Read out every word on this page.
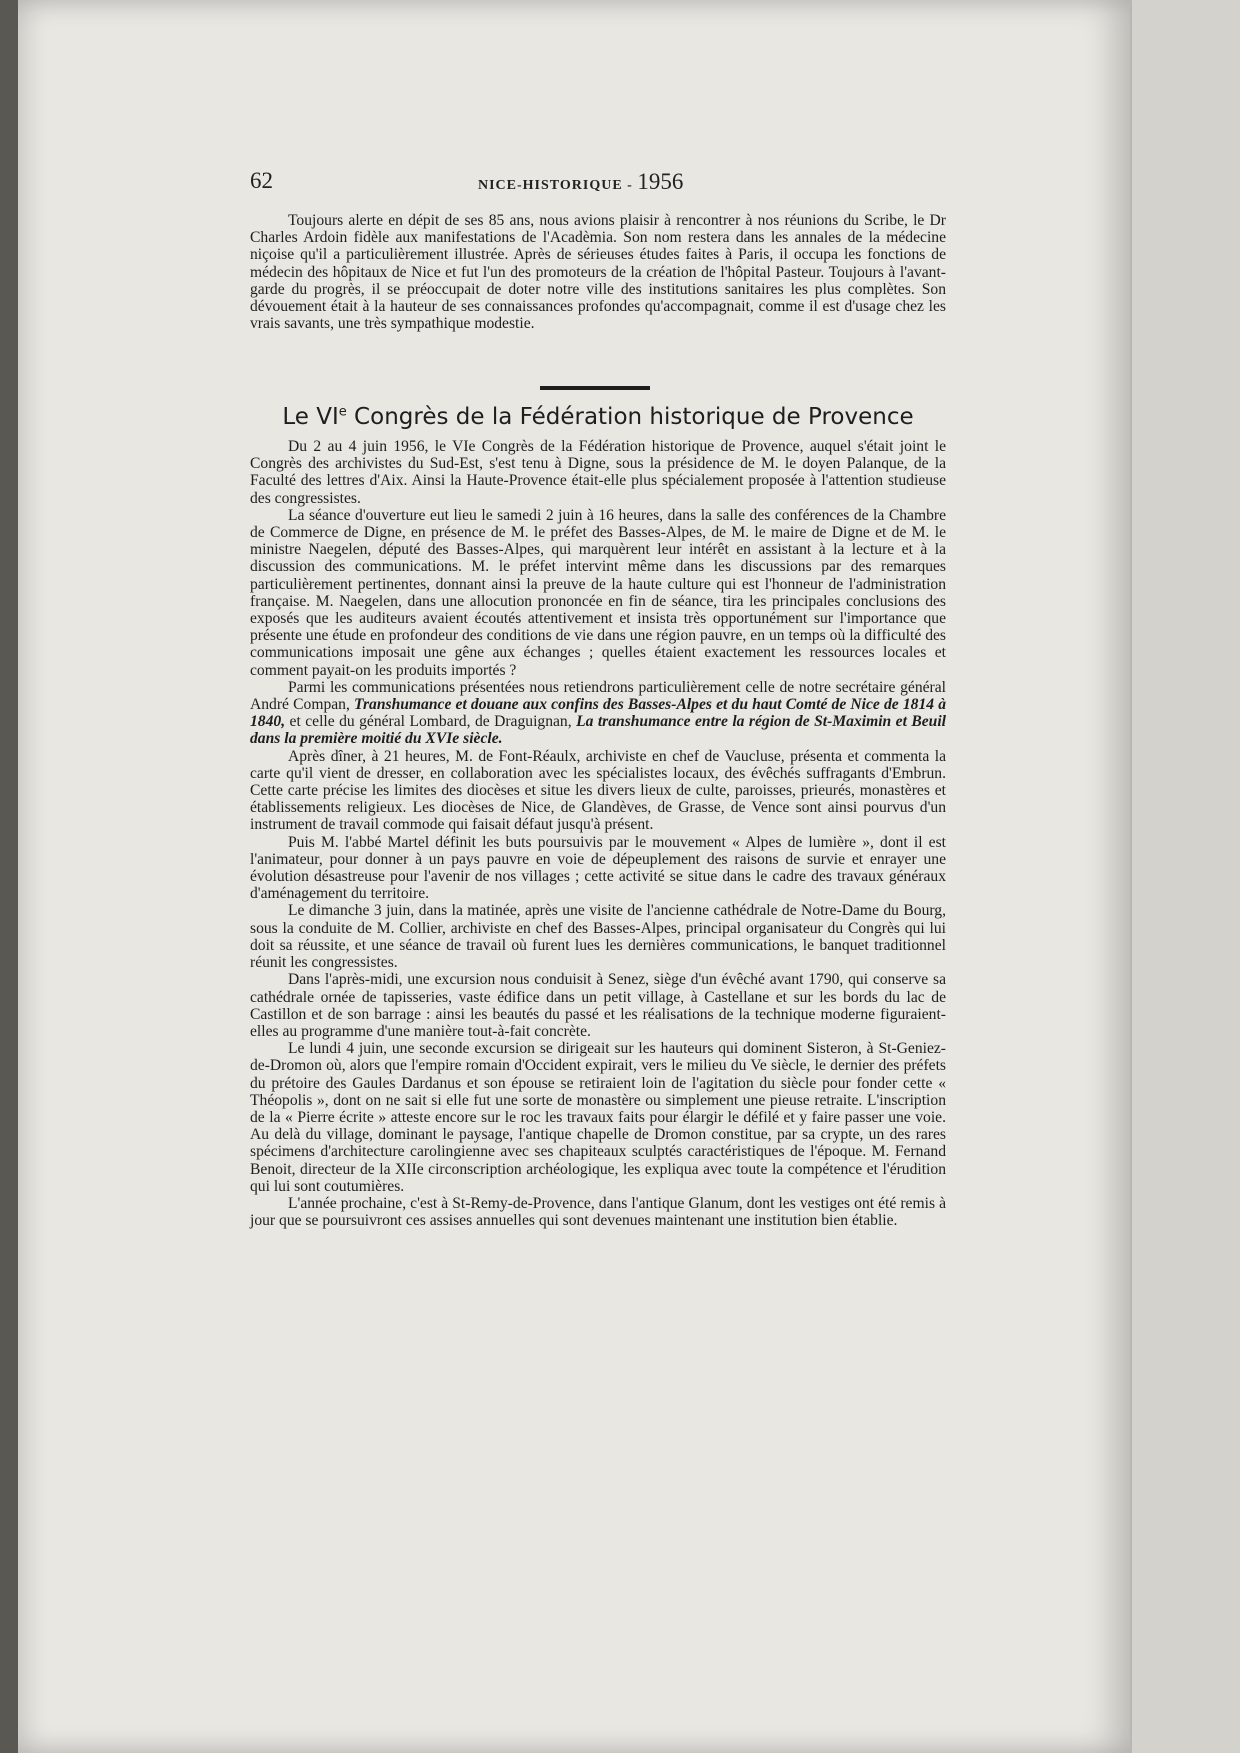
62	NICE-HISTORIQUE - 1956

Toujours alerte en dépit de ses 85 ans, nous avions plaisir à rencontrer à nos réunions du Scribe, le Dr Charles Ardoin fidèle aux manifestations de l'Acadèmia. Son nom restera dans les annales de la médecine niçoise qu'il a particulièrement illustrée. Après de sérieuses études faites à Paris, il occupa les fonctions de médecin des hôpitaux de Nice et fut l'un des promoteurs de la création de l'hôpital Pasteur. Toujours à l'avant-garde du progrès, il se préoccupait de doter notre ville des institutions sanitaires les plus complètes. Son dévouement était à la hauteur de ses connaissances profondes qu'accompagnait, comme il est d'usage chez les vrais savants, une très sympathique modestie.

Le VIe Congrès de la Fédération historique de Provence

Du 2 au 4 juin 1956, le VIe Congrès de la Fédération historique de Provence, auquel s'était joint le Congrès des archivistes du Sud-Est, s'est tenu à Digne, sous la présidence de M. le doyen Palanque, de la Faculté des lettres d'Aix. Ainsi la Haute-Provence était-elle plus spécialement proposée à l'attention studieuse des congressistes.

La séance d'ouverture eut lieu le samedi 2 juin à 16 heures, dans la salle des conférences de la Chambre de Commerce de Digne, en présence de M. le préfet des Basses-Alpes, de M. le maire de Digne et de M. le ministre Naegelen, député des Basses-Alpes, qui marquèrent leur intérêt en assistant à la lecture et à la discussion des communications. M. le préfet intervint même dans les discussions par des remarques particulièrement pertinentes, donnant ainsi la preuve de la haute culture qui est l'honneur de l'administration française. M. Naegelen, dans une allocution prononcée en fin de séance, tira les principales conclusions des exposés que les auditeurs avaient écoutés attentivement et insista très opportunément sur l'importance que présente une étude en profondeur des conditions de vie dans une région pauvre, en un temps où la difficulté des communications imposait une gêne aux échanges ; quelles étaient exactement les ressources locales et comment payait-on les produits importés ?

Parmi les communications présentées nous retiendrons particulièrement celle de notre secrétaire général André Compan, Transhumance et douane aux confins des Basses-Alpes et du haut Comté de Nice de 1814 à 1840, et celle du général Lombard, de Draguignan, La transhumance entre la région de St-Maximin et Beuil dans la première moitié du XVIe siècle.

Après dîner, à 21 heures, M. de Font-Réaulx, archiviste en chef de Vaucluse, présenta et commenta la carte qu'il vient de dresser, en collaboration avec les spécialistes locaux, des évêchés suffragants d'Embrun. Cette carte précise les limites des diocèses et situe les divers lieux de culte, paroisses, prieurés, monastères et établissements religieux. Les diocèses de Nice, de Glandèves, de Grasse, de Vence sont ainsi pourvus d'un instrument de travail commode qui faisait défaut jusqu'à présent.

Puis M. l'abbé Martel définit les buts poursuivis par le mouvement « Alpes de lumière », dont il est l'animateur, pour donner à un pays pauvre en voie de dépeuplement des raisons de survie et enrayer une évolution désastreuse pour l'avenir de nos villages ; cette activité se situe dans le cadre des travaux généraux d'aménagement du territoire.

Le dimanche 3 juin, dans la matinée, après une visite de l'ancienne cathédrale de Notre-Dame du Bourg, sous la conduite de M. Collier, archiviste en chef des Basses-Alpes, principal organisateur du Congrès qui lui doit sa réussite, et une séance de travail où furent lues les dernières communications, le banquet traditionnel réunit les congressistes.

Dans l'après-midi, une excursion nous conduisit à Senez, siège d'un évêché avant 1790, qui conserve sa cathédrale ornée de tapisseries, vaste édifice dans un petit village, à Castellane et sur les bords du lac de Castillon et de son barrage : ainsi les beautés du passé et les réalisations de la technique moderne figuraient-elles au programme d'une manière tout-à-fait concrète.

Le lundi 4 juin, une seconde excursion se dirigeait sur les hauteurs qui dominent Sisteron, à St-Geniez-de-Dromon où, alors que l'empire romain d'Occident expirait, vers le milieu du Ve siècle, le dernier des préfets du prétoire des Gaules Dardanus et son épouse se retiraient loin de l'agitation du siècle pour fonder cette « Théopolis », dont on ne sait si elle fut une sorte de monastère ou simplement une pieuse retraite. L'inscription de la « Pierre écrite » atteste encore sur le roc les travaux faits pour élargir le défilé et y faire passer une voie. Au delà du village, dominant le paysage, l'antique chapelle de Dromon constitue, par sa crypte, un des rares spécimens d'architecture carolingienne avec ses chapiteaux sculptés caractéristiques de l'époque. M. Fernand Benoit, directeur de la XIIe circonscription archéologique, les expliqua avec toute la compétence et l'érudition qui lui sont coutumières.

L'année prochaine, c'est à St-Remy-de-Provence, dans l'antique Glanum, dont les vestiges ont été remis à jour que se poursuivront ces assises annuelles qui sont devenues maintenant une institution bien établie.
